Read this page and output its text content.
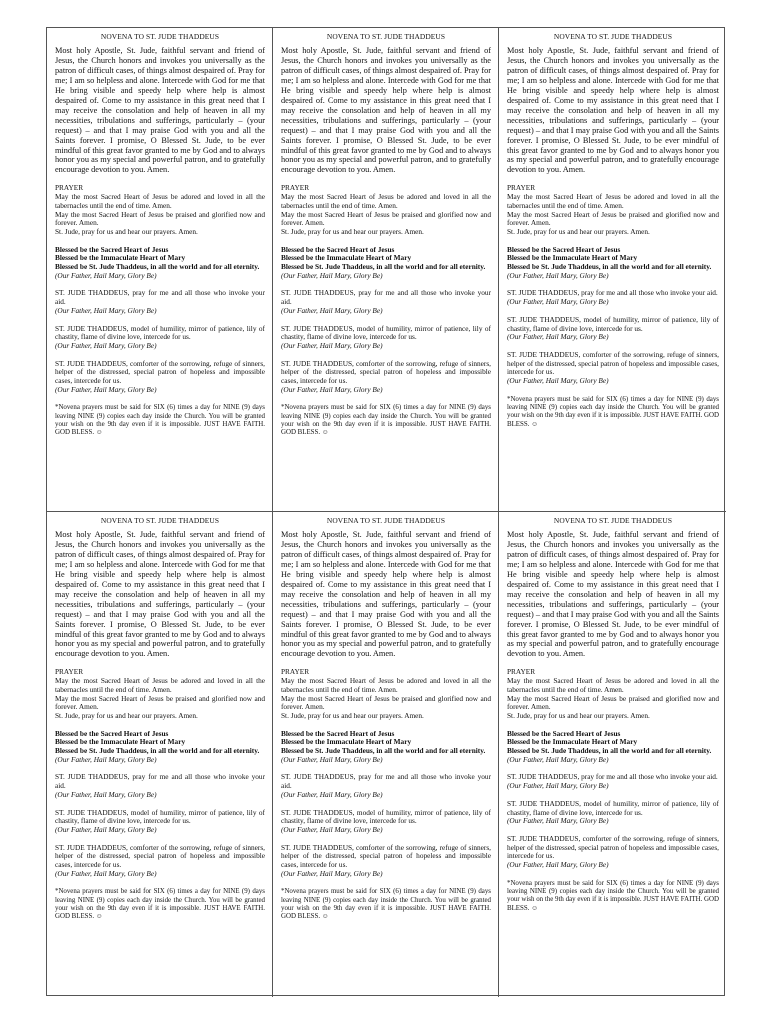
NOVENA TO ST. JUDE THADDEUS

Most holy Apostle, St. Jude, faithful servant and friend of Jesus, the Church honors and invokes you universally as the patron of difficult cases, of things almost despaired of. Pray for me; I am so helpless and alone. Intercede with God for me that He bring visible and speedy help where help is almost despaired of. Come to my assistance in this great need that I may receive the consolation and help of heaven in all my necessities, tribulations and sufferings, particularly – (your request) – and that I may praise God with you and all the Saints forever. I promise, O Blessed St. Jude, to be ever mindful of this great favor granted to me by God and to always honor you as my special and powerful patron, and to gratefully encourage devotion to you. Amen.

PRAYER

May the most Sacred Heart of Jesus be adored and loved in all the tabernacles until the end of time. Amen.

May the most Sacred Heart of Jesus be praised and glorified now and forever. Amen.

St. Jude, pray for us and hear our prayers. Amen.

Blessed be the Sacred Heart of Jesus

Blessed be the Immaculate Heart of Mary

Blessed be St. Jude Thaddeus, in all the world and for all eternity.

(Our Father, Hail Mary, Glory Be)

ST. JUDE THADDEUS, pray for me and all those who invoke your aid.

(Our Father, Hail Mary, Glory Be)

ST. JUDE THADDEUS, model of humility, mirror of patience, lily of chastity, flame of divine love, intercede for us.

(Our Father, Hail Mary, Glory Be)

ST. JUDE THADDEUS, comforter of the sorrowing, refuge of sinners, helper of the distressed, special patron of hopeless and impossible cases, intercede for us.

(Our Father, Hail Mary, Glory Be)

*Novena prayers must be said for SIX (6) times a day for NINE (9) days leaving NINE (9) copies each day inside the Church. You will be granted your wish on the 9th day even if it is impossible. JUST HAVE FAITH. GOD BLESS. ☺

NOVENA TO ST. JUDE THADDEUS

Most holy Apostle, St. Jude, faithful servant and friend of Jesus, the Church honors and invokes you universally as the patron of difficult cases, of things almost despaired of. Pray for me; I am so helpless and alone. Intercede with God for me that He bring visible and speedy help where help is almost despaired of. Come to my assistance in this great need that I may receive the consolation and help of heaven in all my necessities, tribulations and sufferings, particularly – (your request) – and that I may praise God with you and all the Saints forever. I promise, O Blessed St. Jude, to be ever mindful of this great favor granted to me by God and to always honor you as my special and powerful patron, and to gratefully encourage devotion to you. Amen.

PRAYER

May the most Sacred Heart of Jesus be adored and loved in all the tabernacles until the end of time. Amen.

May the most Sacred Heart of Jesus be praised and glorified now and forever. Amen.

St. Jude, pray for us and hear our prayers. Amen.

Blessed be the Sacred Heart of Jesus

Blessed be the Immaculate Heart of Mary

Blessed be St. Jude Thaddeus, in all the world and for all eternity.

(Our Father, Hail Mary, Glory Be)

ST. JUDE THADDEUS, pray for me and all those who invoke your aid.

(Our Father, Hail Mary, Glory Be)

ST. JUDE THADDEUS, model of humility, mirror of patience, lily of chastity, flame of divine love, intercede for us.

(Our Father, Hail Mary, Glory Be)

ST. JUDE THADDEUS, comforter of the sorrowing, refuge of sinners, helper of the distressed, special patron of hopeless and impossible cases, intercede for us.

(Our Father, Hail Mary, Glory Be)

*Novena prayers must be said for SIX (6) times a day for NINE (9) days leaving NINE (9) copies each day inside the Church. You will be granted your wish on the 9th day even if it is impossible. JUST HAVE FAITH. GOD BLESS. ☺

NOVENA TO ST. JUDE THADDEUS

Most holy Apostle, St. Jude, faithful servant and friend of Jesus, the Church honors and invokes you universally as the patron of difficult cases, of things almost despaired of. Pray for me; I am so helpless and alone. Intercede with God for me that He bring visible and speedy help where help is almost despaired of. Come to my assistance in this great need that I may receive the consolation and help of heaven in all my necessities, tribulations and sufferings, particularly – (your request) – and that I may praise God with you and all the Saints forever. I promise, O Blessed St. Jude, to be ever mindful of this great favor granted to me by God and to always honor you as my special and powerful patron, and to gratefully encourage devotion to you. Amen.

PRAYER

May the most Sacred Heart of Jesus be adored and loved in all the tabernacles until the end of time. Amen.

May the most Sacred Heart of Jesus be praised and glorified now and forever. Amen.

St. Jude, pray for us and hear our prayers. Amen.

Blessed be the Sacred Heart of Jesus

Blessed be the Immaculate Heart of Mary

Blessed be St. Jude Thaddeus, in all the world and for all eternity.

(Our Father, Hail Mary, Glory Be)

ST. JUDE THADDEUS, pray for me and all those who invoke your aid.

(Our Father, Hail Mary, Glory Be)

ST. JUDE THADDEUS, model of humility, mirror of patience, lily of chastity, flame of divine love, intercede for us.

(Our Father, Hail Mary, Glory Be)

ST. JUDE THADDEUS, comforter of the sorrowing, refuge of sinners, helper of the distressed, special patron of hopeless and impossible cases, intercede for us.

(Our Father, Hail Mary, Glory Be)

*Novena prayers must be said for SIX (6) times a day for NINE (9) days leaving NINE (9) copies each day inside the Church. You will be granted your wish on the 9th day even if it is impossible. JUST HAVE FAITH. GOD BLESS. ☺

NOVENA TO ST. JUDE THADDEUS

Most holy Apostle, St. Jude, faithful servant and friend of Jesus, the Church honors and invokes you universally as the patron of difficult cases, of things almost despaired of. Pray for me; I am so helpless and alone. Intercede with God for me that He bring visible and speedy help where help is almost despaired of. Come to my assistance in this great need that I may receive the consolation and help of heaven in all my necessities, tribulations and sufferings, particularly – (your request) – and that I may praise God with you and all the Saints forever. I promise, O Blessed St. Jude, to be ever mindful of this great favor granted to me by God and to always honor you as my special and powerful patron, and to gratefully encourage devotion to you. Amen.

PRAYER

May the most Sacred Heart of Jesus be adored and loved in all the tabernacles until the end of time. Amen.

May the most Sacred Heart of Jesus be praised and glorified now and forever. Amen.

St. Jude, pray for us and hear our prayers. Amen.

Blessed be the Sacred Heart of Jesus

Blessed be the Immaculate Heart of Mary

Blessed be St. Jude Thaddeus, in all the world and for all eternity.

(Our Father, Hail Mary, Glory Be)

ST. JUDE THADDEUS, pray for me and all those who invoke your aid.

(Our Father, Hail Mary, Glory Be)

ST. JUDE THADDEUS, model of humility, mirror of patience, lily of chastity, flame of divine love, intercede for us.

(Our Father, Hail Mary, Glory Be)

ST. JUDE THADDEUS, comforter of the sorrowing, refuge of sinners, helper of the distressed, special patron of hopeless and impossible cases, intercede for us.

(Our Father, Hail Mary, Glory Be)

*Novena prayers must be said for SIX (6) times a day for NINE (9) days leaving NINE (9) copies each day inside the Church. You will be granted your wish on the 9th day even if it is impossible. JUST HAVE FAITH. GOD BLESS. ☺

NOVENA TO ST. JUDE THADDEUS

Most holy Apostle, St. Jude, faithful servant and friend of Jesus, the Church honors and invokes you universally as the patron of difficult cases, of things almost despaired of. Pray for me; I am so helpless and alone. Intercede with God for me that He bring visible and speedy help where help is almost despaired of. Come to my assistance in this great need that I may receive the consolation and help of heaven in all my necessities, tribulations and sufferings, particularly – (your request) – and that I may praise God with you and all the Saints forever. I promise, O Blessed St. Jude, to be ever mindful of this great favor granted to me by God and to always honor you as my special and powerful patron, and to gratefully encourage devotion to you. Amen.

PRAYER

May the most Sacred Heart of Jesus be adored and loved in all the tabernacles until the end of time. Amen.

May the most Sacred Heart of Jesus be praised and glorified now and forever. Amen.

St. Jude, pray for us and hear our prayers. Amen.

Blessed be the Sacred Heart of Jesus

Blessed be the Immaculate Heart of Mary

Blessed be St. Jude Thaddeus, in all the world and for all eternity.

(Our Father, Hail Mary, Glory Be)

ST. JUDE THADDEUS, pray for me and all those who invoke your aid.

(Our Father, Hail Mary, Glory Be)

ST. JUDE THADDEUS, model of humility, mirror of patience, lily of chastity, flame of divine love, intercede for us.

(Our Father, Hail Mary, Glory Be)

ST. JUDE THADDEUS, comforter of the sorrowing, refuge of sinners, helper of the distressed, special patron of hopeless and impossible cases, intercede for us.

(Our Father, Hail Mary, Glory Be)

*Novena prayers must be said for SIX (6) times a day for NINE (9) days leaving NINE (9) copies each day inside the Church. You will be granted your wish on the 9th day even if it is impossible. JUST HAVE FAITH. GOD BLESS. ☺

NOVENA TO ST. JUDE THADDEUS

Most holy Apostle, St. Jude, faithful servant and friend of Jesus, the Church honors and invokes you universally as the patron of difficult cases, of things almost despaired of. Pray for me; I am so helpless and alone. Intercede with God for me that He bring visible and speedy help where help is almost despaired of. Come to my assistance in this great need that I may receive the consolation and help of heaven in all my necessities, tribulations and sufferings, particularly – (your request) – and that I may praise God with you and all the Saints forever. I promise, O Blessed St. Jude, to be ever mindful of this great favor granted to me by God and to always honor you as my special and powerful patron, and to gratefully encourage devotion to you. Amen.

PRAYER

May the most Sacred Heart of Jesus be adored and loved in all the tabernacles until the end of time. Amen.

May the most Sacred Heart of Jesus be praised and glorified now and forever. Amen.

St. Jude, pray for us and hear our prayers. Amen.

Blessed be the Sacred Heart of Jesus

Blessed be the Immaculate Heart of Mary

Blessed be St. Jude Thaddeus, in all the world and for all eternity.

(Our Father, Hail Mary, Glory Be)

ST. JUDE THADDEUS, pray for me and all those who invoke your aid.

(Our Father, Hail Mary, Glory Be)

ST. JUDE THADDEUS, model of humility, mirror of patience, lily of chastity, flame of divine love, intercede for us.

(Our Father, Hail Mary, Glory Be)

ST. JUDE THADDEUS, comforter of the sorrowing, refuge of sinners, helper of the distressed, special patron of hopeless and impossible cases, intercede for us.

(Our Father, Hail Mary, Glory Be)

*Novena prayers must be said for SIX (6) times a day for NINE (9) days leaving NINE (9) copies each day inside the Church. You will be granted your wish on the 9th day even if it is impossible. JUST HAVE FAITH. GOD BLESS. ☺
